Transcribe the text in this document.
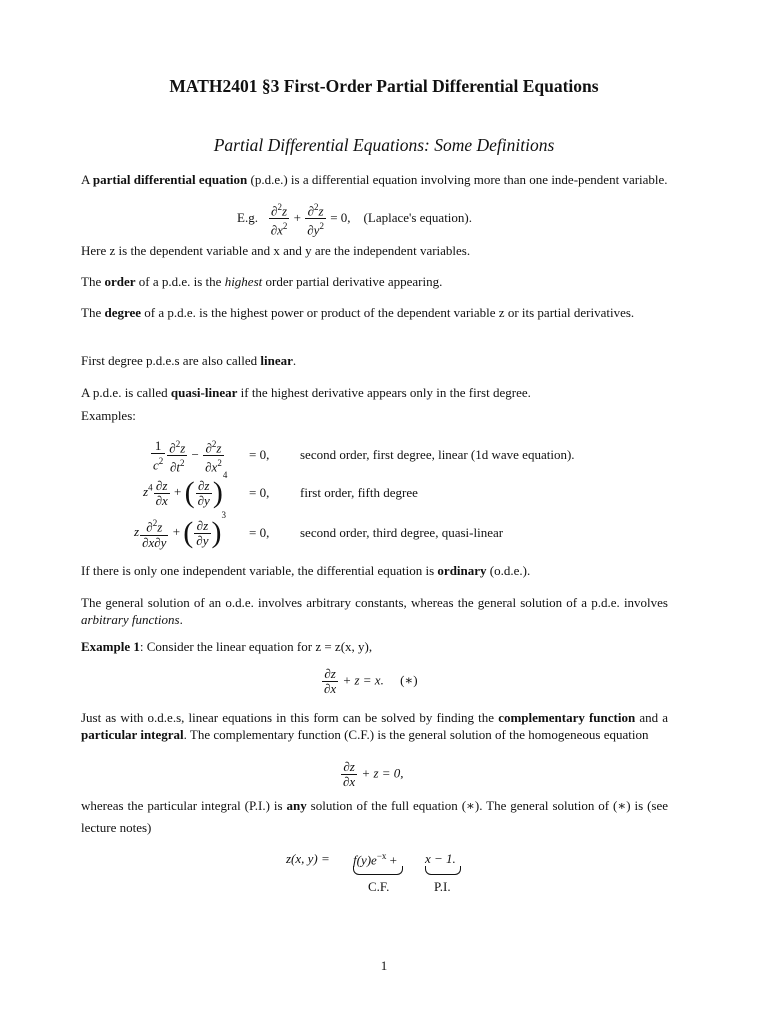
MATH2401 §3 First-Order Partial Differential Equations
Partial Differential Equations: Some Definitions
A partial differential equation (p.d.e.) is a differential equation involving more than one inde-pendent variable.
E.g. $\frac{\partial^2z}{\partial x^2} + \frac{\partial^2z}{\partial y^2} = 0$, (Laplace's equation).
Here z is the dependent variable and x and y are the independent variables.
The order of a p.d.e. is the highest order partial derivative appearing.
The degree of a p.d.e. is the highest power or product of the dependent variable z or its partial derivatives.
First degree p.d.e.s are also called linear.
A p.d.e. is called quasi-linear if the highest derivative appears only in the first degree.
Examples:
$\frac{1}{c^2} \frac{\partial^2z}{\partial t^2} - \frac{\partial^2z}{\partial x^2} = 0$, second order, first degree, linear (1d wave equation).
$z^4 \frac{\partial z}{\partial x}$ + ( $\frac{\partial z}{\partial y} )^4$
= 0, first order, fifth degree
z $\frac{\partial^2z}{\partial x\partial y}$ + ( $\frac{\partial z}{\partial y} )^3$
= 0, second order, third degree, quasi-linear
If there is only one independent variable, the differential equation is ordinary (o.d.e.).
The general solution of an o.d.e. involves arbitrary constants, whereas the general solution of a p.d.e. involves arbitrary functions.
Example 1: Consider the linear equation for z = z(x, y),
$\frac{\partial z}{\partial x} + z = x$. (∗)
Just as with o.d.e.s, linear equations in this form can be solved by finding the complementary function and a particular integral. The complementary function (C.F.) is the general solution of the homogeneous equation
$\frac{\partial z}{\partial x} + z = 0$,
whereas the particular integral (P.I.) is any solution of the full equation (∗). The general solution of (∗) is (see lecture notes)
z(x, $y) = f(y)e^{-x} + x - 1$.
C.F.	P.I.
1
